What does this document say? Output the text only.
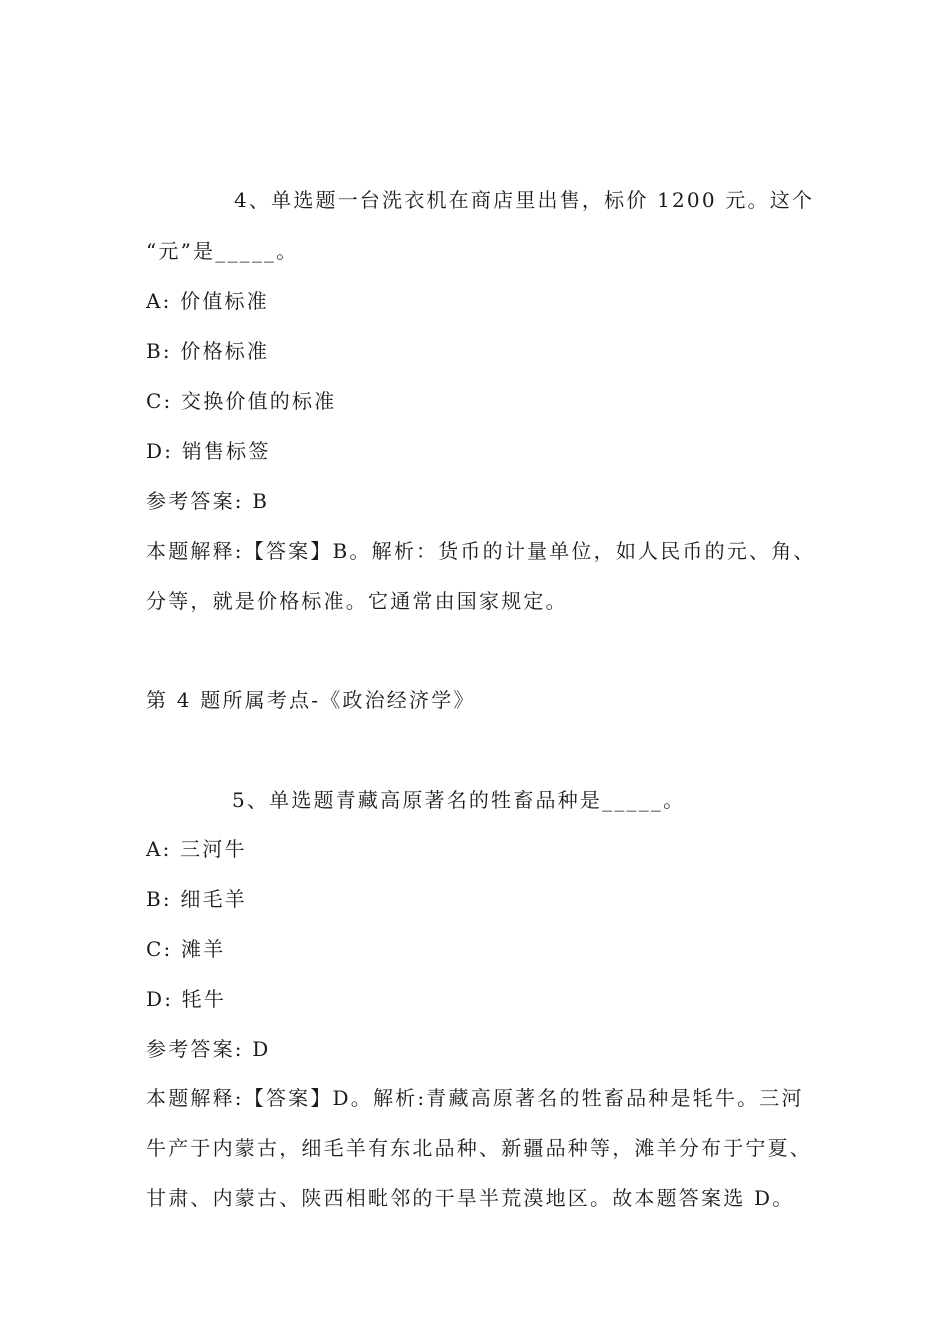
4、单选题一台洗衣机在商店里出售，标价 1200 元。这个
“元”是_____。
A: 价值标准
B: 价格标准
C: 交换价值的标准
D: 销售标签
参考答案: B
本题解释:【答案】B。解析：货币的计量单位，如人民币的元、角、
分等，就是价格标准。它通常由国家规定。
第 4 题所属考点-《政治经济学》
5、单选题青藏高原著名的牲畜品种是_____。
A: 三河牛
B: 细毛羊
C: 滩羊
D: 牦牛
参考答案: D
本题解释:【答案】D。解析:青藏高原著名的牲畜品种是牦牛。三河
牛产于内蒙古，细毛羊有东北品种、新疆品种等，滩羊分布于宁夏、
甘肃、内蒙古、陕西相毗邻的干旱半荒漠地区。故本题答案选 D。
